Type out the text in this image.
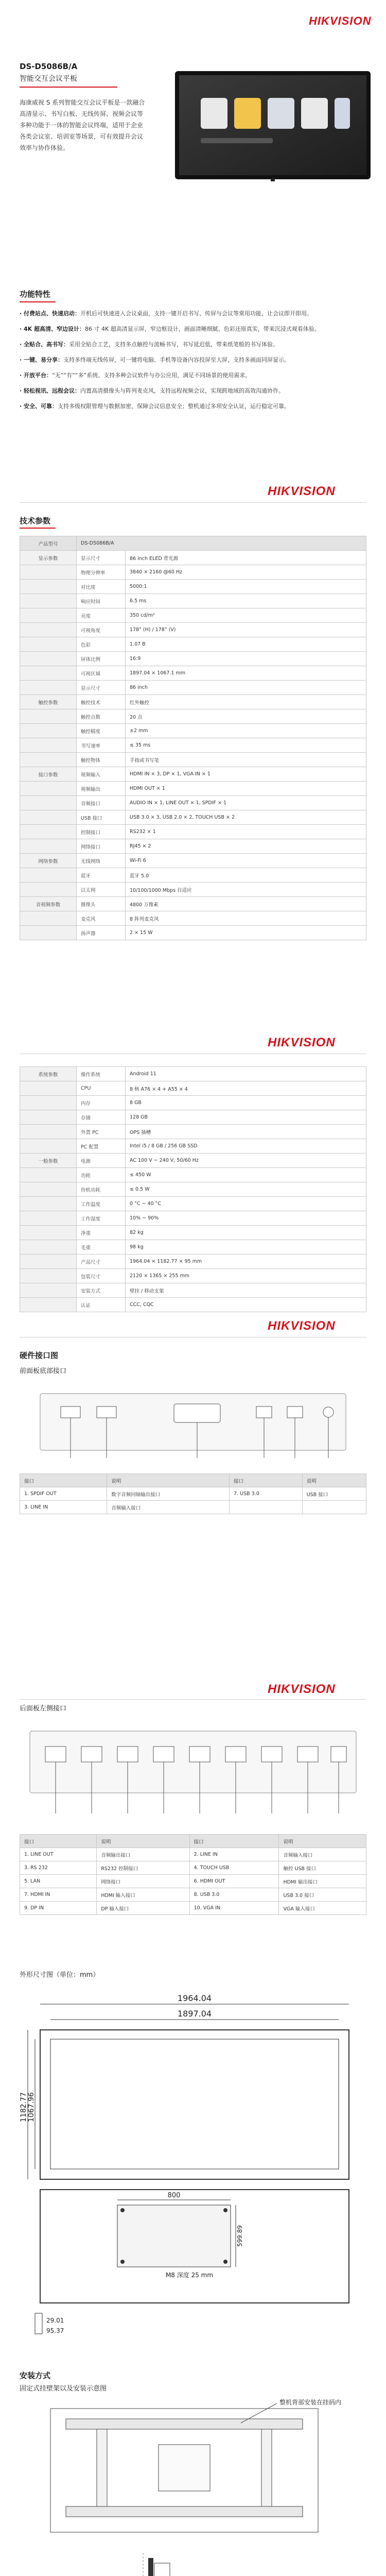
HIKVISION
DS-D5086B/A
智能交互会议平板
海康威视 S 系列智能交互会议平板是一款融合高清显示、书写白板、无线传屏、视频会议等多种功能于一体的智能会议终端，适用于企业各类会议室、培训室等场景，可有效提升会议效率与协作体验。
功能特性
· 付费站点、快速启动：开机后可快速进入会议桌面，支持一键开启书写、传屏与会议等常用功能，让会议即开即用。
· 4K 超高清、窄边设计：86 寸 4K 超高清显示屏，窄边框设计，画面清晰细腻、色彩还原真实，带来沉浸式观看体验。
· 全贴合、高书写：采用全贴合工艺，支持多点触控与流畅书写，书写延迟低，带来纸笔般的书写体验。
· 一键、易分享：支持多终端无线传屏，可一键将电脑、手机等设备内容投屏至大屏，支持多画面同屏显示。
· 开放平台：“无”“有”“多”系统、支持多种会议软件与办公应用，满足不同场景的使用需求。
· 轻松视讯、远程会议：内置高清摄像头与阵列麦克风，支持远程视频会议，实现跨地域的高效沟通协作。
· 安全、可靠：支持多级权限管理与数据加密，保障会议信息安全；整机通过多项安全认证，运行稳定可靠。
HIKVISION
技术参数
产品型号	DS-D5086B/A	
显示参数	显示尺寸	86 inch ELED 背光源
	物理分辨率	3840 × 2160 @60 Hz
	对比度	5000:1
	响应时间	6.5 ms
	亮度	350 cd/m²
	可视角度	178° (H) / 178° (V)
	色彩	1.07 B
	屏体比例	16:9
	可视区域	1897.04 × 1067.1 mm
	显示尺寸	86 inch
触控参数	触控技术	红外触控
	触控点数	20 点
	触控精度	±2 mm
	书写速率	≤ 35 ms
	触控物体	手指或书写笔
接口参数	视频输入	HDMI IN × 3, DP × 1, VGA IN × 1
	视频输出	HDMI OUT × 1
	音频接口	AUDIO IN × 1, LINE OUT × 1, SPDIF × 1
	USB 接口	USB 3.0 × 3, USB 2.0 × 2, TOUCH USB × 2
	控制接口	RS232 × 1
	网络接口	RJ45 × 2
网络参数	无线网络	Wi-Fi 6
	蓝牙	蓝牙 5.0
	以太网	10/100/1000 Mbps 自适应
音视频参数	摄像头	4800 万像素
	麦克风	8 阵列麦克风
	扬声器	2 × 15 W
HIKVISION
系统参数	操作系统	Android 11
	CPU	8 核 A76 × 4 + A55 × 4
	内存	8 GB
	存储	128 GB
	外置 PC	OPS 插槽
	PC 配置	Intel i5 / 8 GB / 256 GB SSD
一般参数	电源	AC 100 V ~ 240 V, 50/60 Hz
	功耗	≤ 450 W
	待机功耗	≤ 0.5 W
	工作温度	0 °C ~ 40 °C
	工作湿度	10% ~ 90%
	净重	82 kg
	毛重	98 kg
	产品尺寸	1964.04 × 1182.77 × 95 mm
	包装尺寸	2120 × 1365 × 255 mm
	安装方式	壁挂 / 移动支架
	认证	CCC, CQC
HIKVISION
硬件接口图
前面板底部接口
接口	说明	接口	说明
1. SPDIF OUT	数字音频同轴输出接口	7. USB 3.0	USB 接口
3. LINE IN	音频输入接口		
HIKVISION
后面板左侧接口
接口	说明	接口	说明
1. LINE OUT	音频输出接口	2. LINE IN	音频输入接口
3. RS 232	RS232 控制接口	4. TOUCH USB	触控 USB 接口
5. LAN	网络接口	6. HDMI OUT	HDMI 输出接口
7. HDMI IN	HDMI 输入接口	8. USB 3.0	USB 3.0 接口
9. DP IN	DP 输入接口	10. VGA IN	VGA 输入接口
外形尺寸图（单位：mm）
1964.04
1897.04
1182.77 1067.96
800
599.89
M8 深度 25 mm
29.01
95.37
安装方式
固定式挂壁架以及安装示意图
整机背部安装在挂码内
